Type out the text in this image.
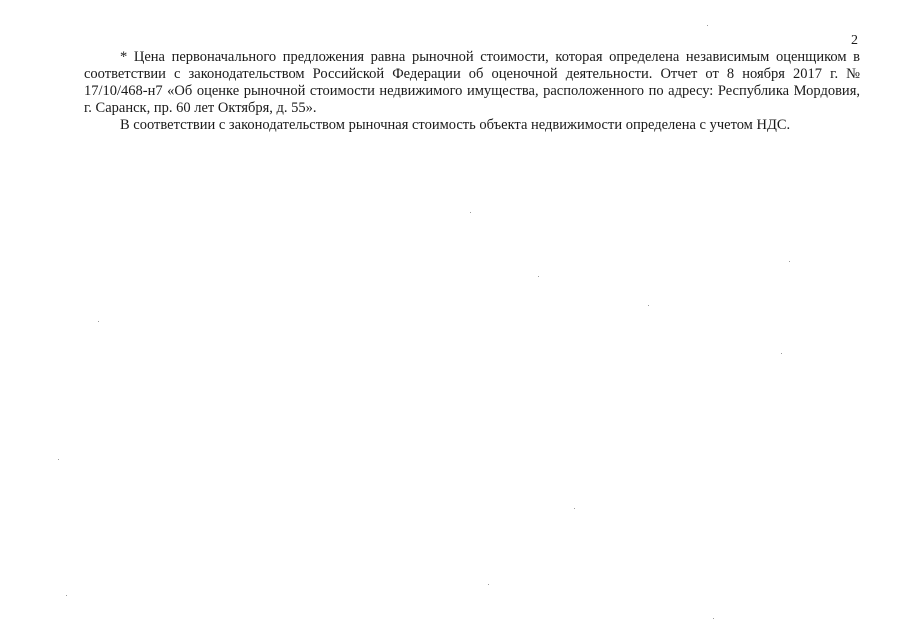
2

* Цена первоначального предложения равна рыночной стоимости, которая определена независимым оценщиком в соответствии с законодательством Российской Федерации об оценочной деятельности. Отчет от 8 ноября 2017 г. № 17/10/468-н7 «Об оценке рыночной стоимости недвижимого имущества, расположенного по адресу: Республика Мордовия, г. Саранск, пр. 60 лет Октября, д. 55».

В соответствии с законодательством рыночная стоимость объекта недвижимости определена с учетом НДС.
